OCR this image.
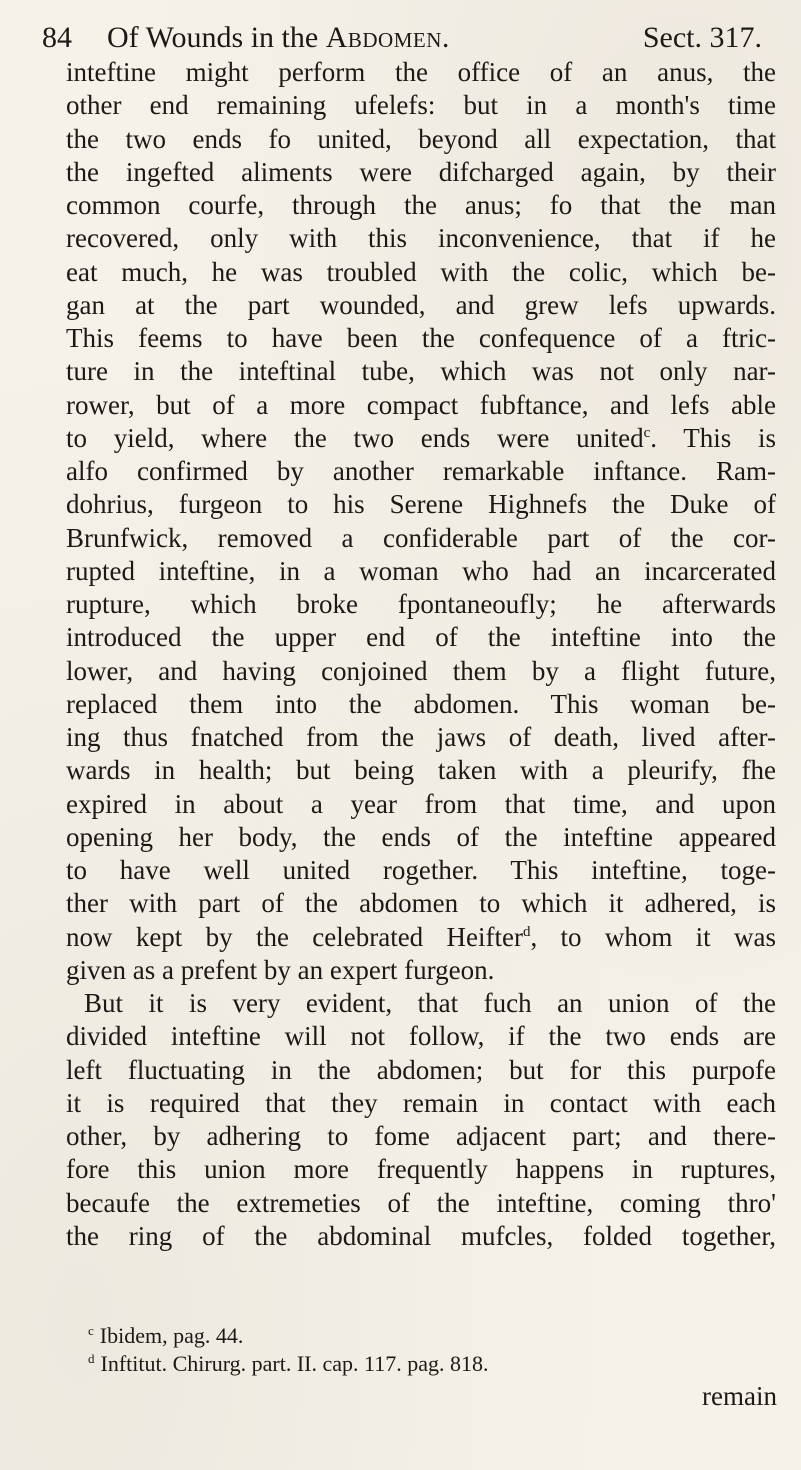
84 Of Wounds in the Abdomen.	Sect. 317.
inteftine might perform the office of an anus, the
other end remaining ufelefs: but in a month's time
the two ends fo united, beyond all expectation, that
the ingefted aliments were difcharged again, by their
common courfe, through the anus; fo that the man
recovered, only with this inconvenience, that if he
eat much, he was troubled with the colic, which be-
gan at the part wounded, and grew lefs upwards.
This feems to have been the confequence of a ftric-
ture in the inteftinal tube, which was not only nar-
rower, but of a more compact fubftance, and lefs able
to yield, where the two ends were united$^c$. This is
alfo confirmed by another remarkable inftance. Ram-
dohrius, furgeon to his Serene Highnefs the Duke of
Brunfwick, removed a confiderable part of the cor-
rupted inteftine, in a woman who had an incarcerated
rupture, which broke fpontaneoufly; he afterwards
introduced the upper end of the inteftine into the
lower, and having conjoined them by a flight future,
replaced them into the abdomen. This woman be-
ing thus fnatched from the jaws of death, lived after-
wards in health; but being taken with a pleurify, fhe
expired in about a year from that time, and upon
opening her body, the ends of the inteftine appeared
to have well united rogether. This inteftine, toge-
ther with part of the abdomen to which it adhered, is
now kept by the celebrated Heifter$^d$, to whom it was
given as a prefent by an expert furgeon.
But it is very evident, that fuch an union of the
divided inteftine will not follow, if the two ends are
left fluctuating in the abdomen; but for this purpofe
it is required that they remain in contact with each
other, by adhering to fome adjacent part; and there-
fore this union more frequently happens in ruptures,
becaufe the extremeties of the inteftine, coming thro'
the ring of the abdominal mufcles, folded together,
$^c$ Ibidem, pag. 44.
$^d$ Inftitut. Chirurg. part. II. cap. 117. pag. 818.
remain
